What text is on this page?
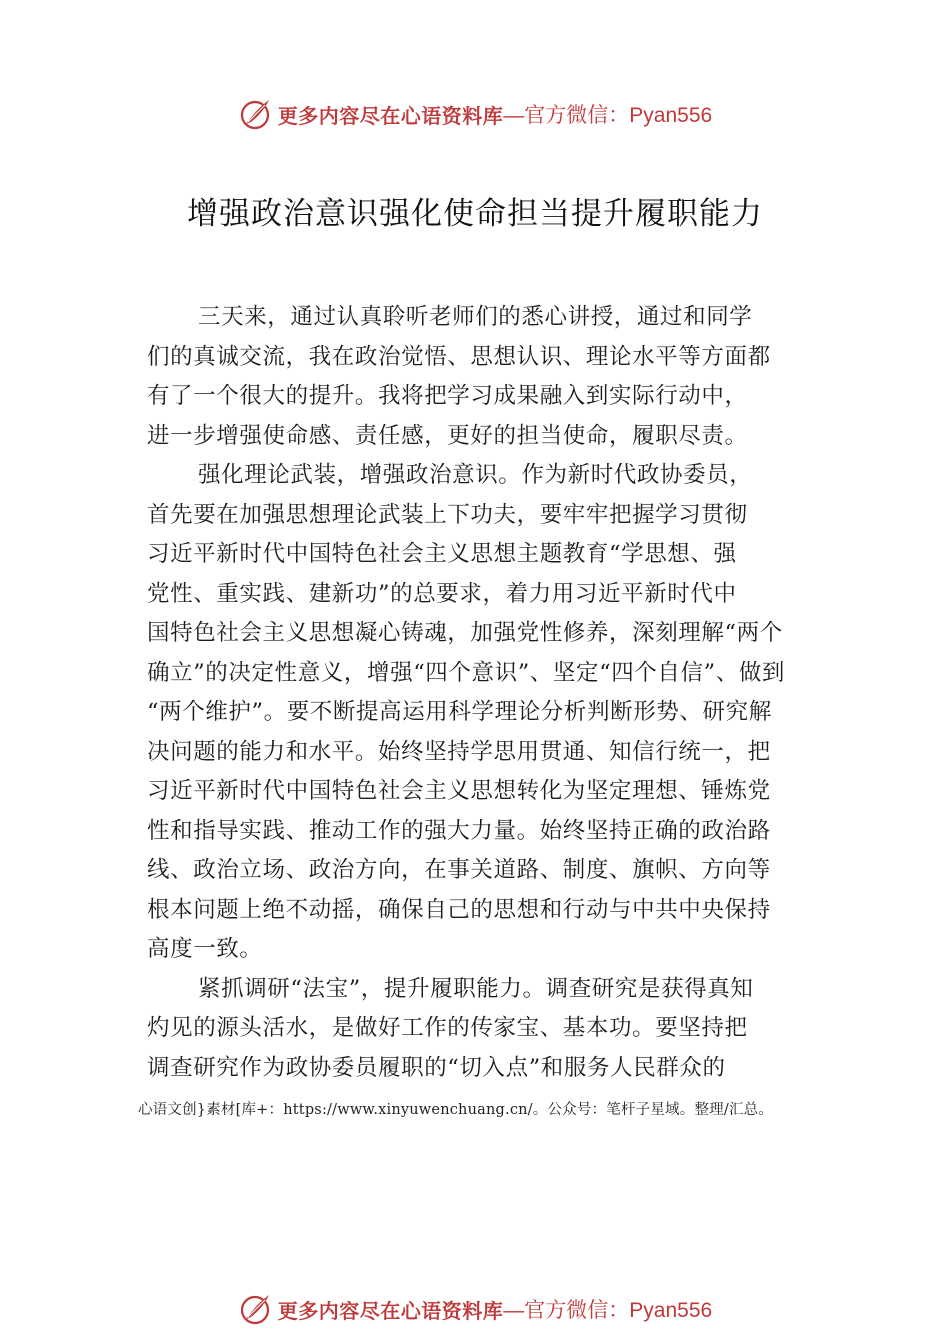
更多内容尽在心语资料库 —官方微信：Pyan556
增强政治意识强化使命担当提升履职能力
三天来，通过认真聆听老师们的悉心讲授，通过和同学
们的真诚交流，我在政治觉悟、思想认识、理论水平等方面都
有了一个很大的提升。我将把学习成果融入到实际行动中，
进一步增强使命感、责任感，更好的担当使命，履职尽责。
强化理论武装，增强政治意识。作为新时代政协委员，
首先要在加强思想理论武装上下功夫，要牢牢把握学习贯彻
习近平新时代中国特色社会主义思想主题教育“学思想、强
党性、重实践、建新功”的总要求，着力用习近平新时代中
国特色社会主义思想凝心铸魂，加强党性修养，深刻理解“两个
确立”的决定性意义，增强“四个意识”、坚定“四个自信”、做到
“两个维护”。要不断提高运用科学理论分析判断形势、研究解
决问题的能力和水平。始终坚持学思用贯通、知信行统一，把
习近平新时代中国特色社会主义思想转化为坚定理想、锤炼党
性和指导实践、推动工作的强大力量。始终坚持正确的政治路
线、政治立场、政治方向，在事关道路、制度、旗帜、方向等
根本问题上绝不动摇，确保自己的思想和行动与中共中央保持
高度一致。
紧抓调研“法宝”，提升履职能力。调查研究是获得真知
灼见的源头活水，是做好工作的传家宝、基本功。要坚持把
调查研究作为政协委员履职的“切入点”和服务人民群众的
心语文创}素材[库+：https://www.xinyuwenchuang.cn/。公众号：笔杆子星域。整理/汇总。
更多内容尽在心语资料库 —官方微信：Pyan556
